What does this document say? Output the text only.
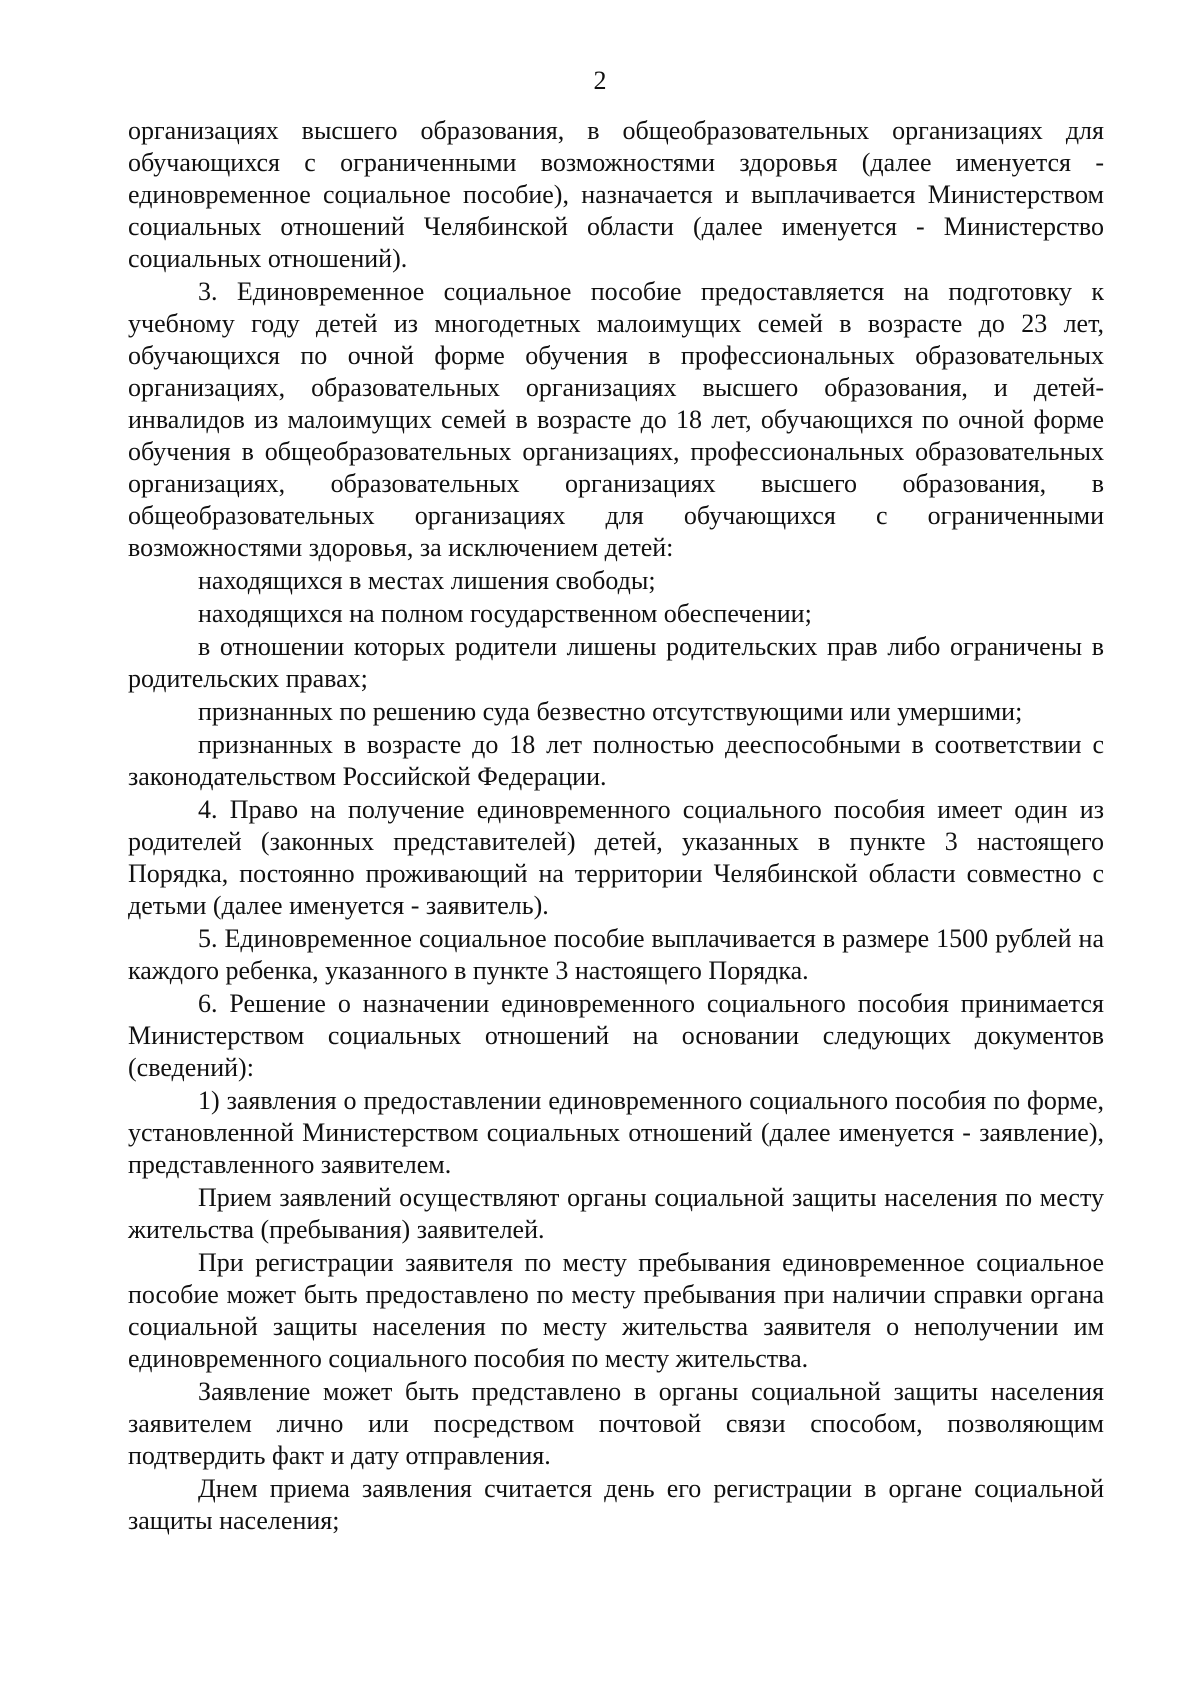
2

организациях высшего образования, в общеобразовательных организациях для обучающихся с ограниченными возможностями здоровья (далее именуется - единовременное социальное пособие), назначается и выплачивается Министерством социальных отношений Челябинской области (далее именуется - Министерство социальных отношений).

3. Единовременное социальное пособие предоставляется на подготовку к учебному году детей из многодетных малоимущих семей в возрасте до 23 лет, обучающихся по очной форме обучения в профессиональных образовательных организациях, образовательных организациях высшего образования, и детей-инвалидов из малоимущих семей в возрасте до 18 лет, обучающихся по очной форме обучения в общеобразовательных организациях, профессиональных образовательных организациях, образовательных организациях высшего образования, в общеобразовательных организациях для обучающихся с ограниченными возможностями здоровья, за исключением детей:

находящихся в местах лишения свободы;

находящихся на полном государственном обеспечении;

в отношении которых родители лишены родительских прав либо ограничены в родительских правах;

признанных по решению суда безвестно отсутствующими или умершими;

признанных в возрасте до 18 лет полностью дееспособными в соответствии с законодательством Российской Федерации.

4. Право на получение единовременного социального пособия имеет один из родителей (законных представителей) детей, указанных в пункте 3 настоящего Порядка, постоянно проживающий на территории Челябинской области совместно с детьми (далее именуется - заявитель).

5. Единовременное социальное пособие выплачивается в размере 1500 рублей на каждого ребенка, указанного в пункте 3 настоящего Порядка.

6. Решение о назначении единовременного социального пособия принимается Министерством социальных отношений на основании следующих документов (сведений):

1) заявления о предоставлении единовременного социального пособия по форме, установленной Министерством социальных отношений (далее именуется - заявление), представленного заявителем.

Прием заявлений осуществляют органы социальной защиты населения по месту жительства (пребывания) заявителей.

При регистрации заявителя по месту пребывания единовременное социальное пособие может быть предоставлено по месту пребывания при наличии справки органа социальной защиты населения по месту жительства заявителя о неполучении им единовременного социального пособия по месту жительства.

Заявление может быть представлено в органы социальной защиты населения заявителем лично или посредством почтовой связи способом, позволяющим подтвердить факт и дату отправления.

Днем приема заявления считается день его регистрации в органе социальной защиты населения;
